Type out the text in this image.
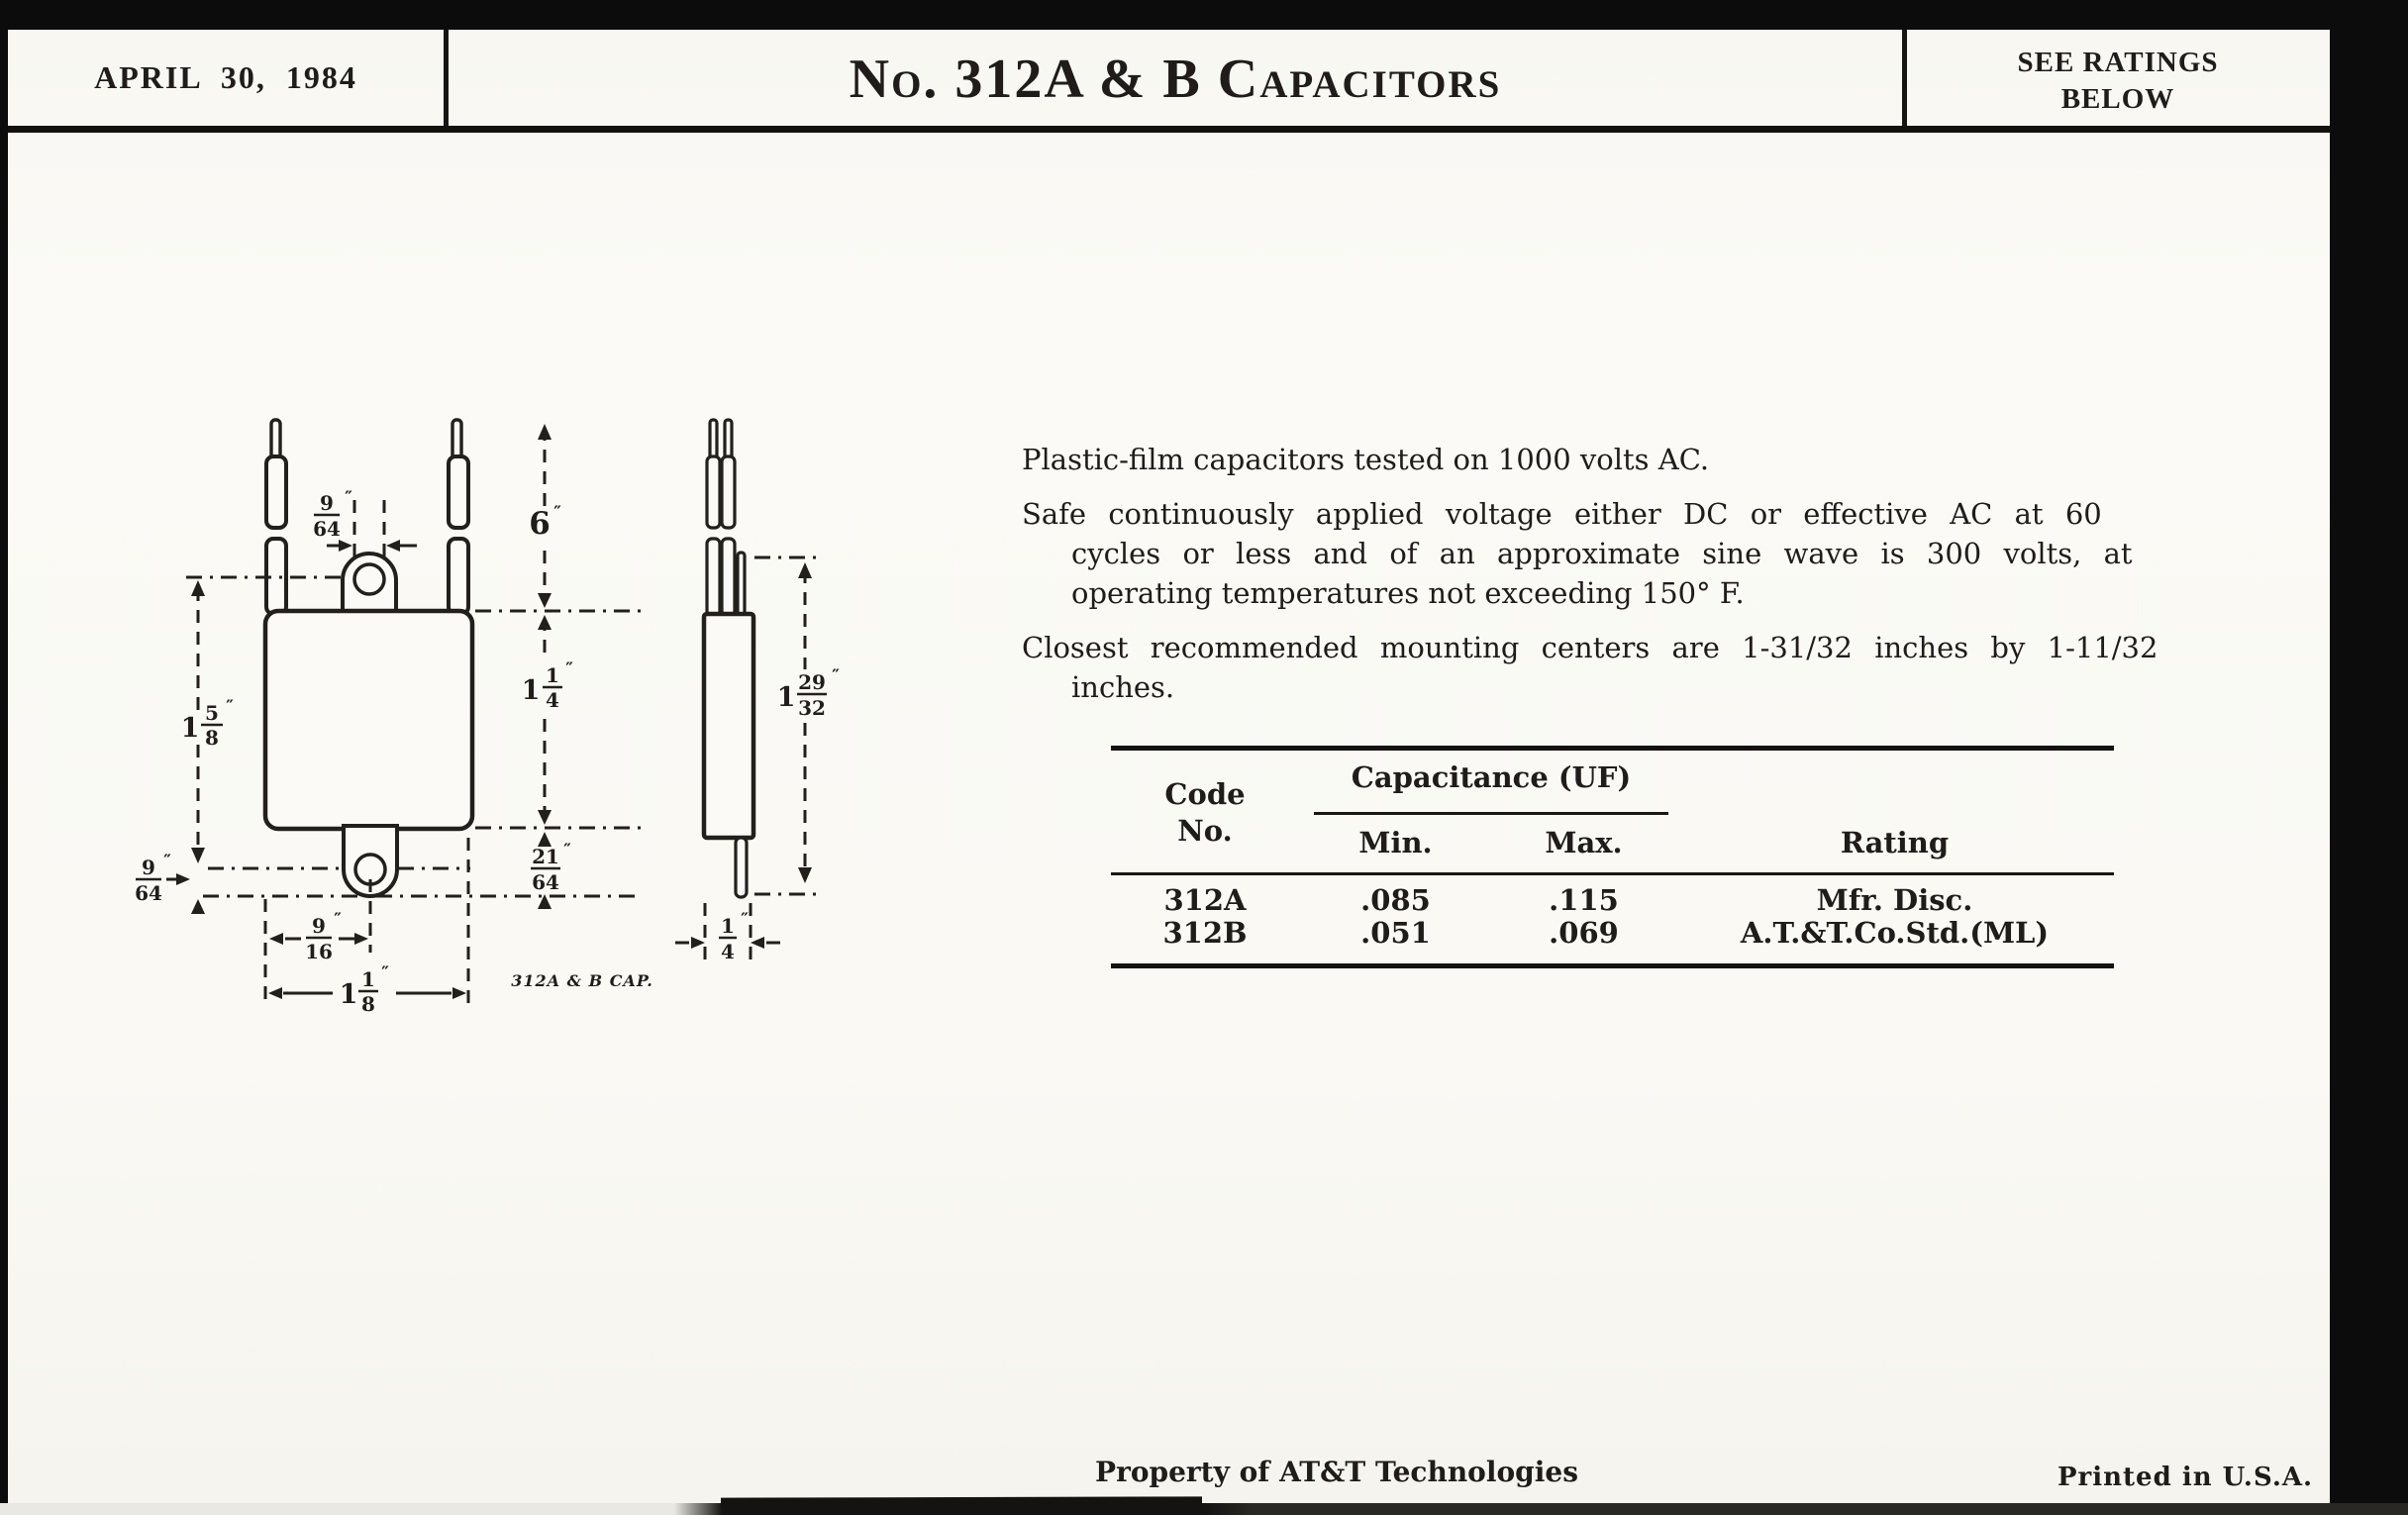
APRIL 30, 1984	No. 312A & B Capacitors	SEE RATINGS
BELOW
9
64
″
6 ″
1 5
8
″
1 1
4
″
21
64
″
9
64
″
9
16
″
1 1
8
″
1 29
32
″
1
4
″
312A & B CAP.
Plastic-film capacitors tested on 1000 volts AC.
Safe continuously applied voltage either DC or effective AC at 60
cycles or less and of an approximate sine wave is 300 volts, at
operating temperatures not exceeding 150° F.
Closest recommended mounting centers are 1-31/32 inches by 1-11/32
inches.
Capacitance (UF)
Code
No.	Min.	Max.	Rating
312A	.085	.115	Mfr. Disc.
312B	.051	.069	A.T.&T.Co.Std.(ML)
Property of AT&T Technologies	Printed in U.S.A.
